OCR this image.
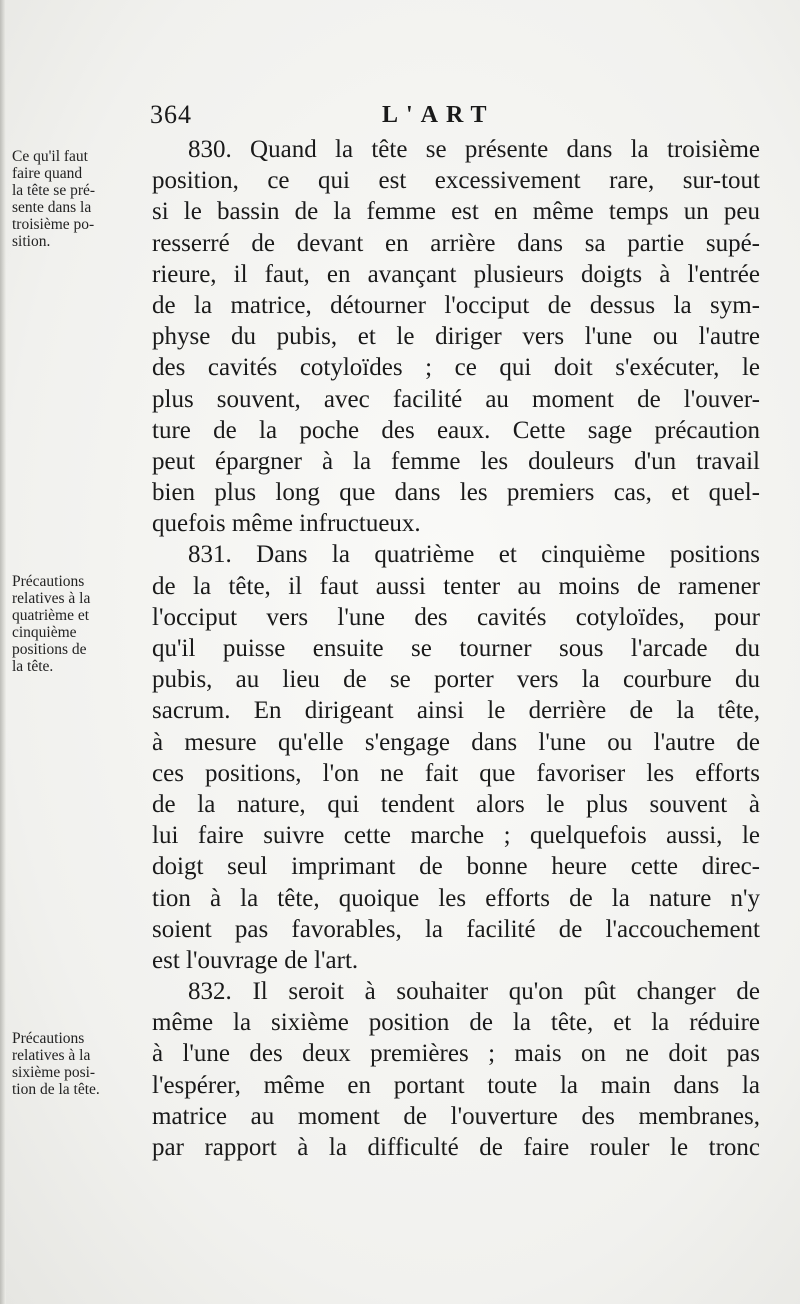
364	L'ART
Ce qu'il faut
faire quand
la tête se pré-
sente dans la
troisième po-
sition.
Précautions
relatives à la
quatrième et
cinquième
positions de
la tête.
Précautions
relatives à la
sixième posi-
tion de la tête.
830. Quand la tête se présente dans la troisième
position, ce qui est excessivement rare, sur-tout
si le bassin de la femme est en même temps un peu
resserré de devant en arrière dans sa partie supé-
rieure, il faut, en avançant plusieurs doigts à l'entrée
de la matrice, détourner l'occiput de dessus la sym-
physe du pubis, et le diriger vers l'une ou l'autre
des cavités cotyloïdes ; ce qui doit s'exécuter, le
plus souvent, avec facilité au moment de l'ouver-
ture de la poche des eaux. Cette sage précaution
peut épargner à la femme les douleurs d'un travail
bien plus long que dans les premiers cas, et quel-
quefois même infructueux.
831. Dans la quatrième et cinquième positions
de la tête, il faut aussi tenter au moins de ramener
l'occiput vers l'une des cavités cotyloïdes, pour
qu'il puisse ensuite se tourner sous l'arcade du
pubis, au lieu de se porter vers la courbure du
sacrum. En dirigeant ainsi le derrière de la tête,
à mesure qu'elle s'engage dans l'une ou l'autre de
ces positions, l'on ne fait que favoriser les efforts
de la nature, qui tendent alors le plus souvent à
lui faire suivre cette marche ; quelquefois aussi, le
doigt seul imprimant de bonne heure cette direc-
tion à la tête, quoique les efforts de la nature n'y
soient pas favorables, la facilité de l'accouchement
est l'ouvrage de l'art.
832. Il seroit à souhaiter qu'on pût changer de
même la sixième position de la tête, et la réduire
à l'une des deux premières ; mais on ne doit pas
l'espérer, même en portant toute la main dans la
matrice au moment de l'ouverture des membranes,
par rapport à la difficulté de faire rouler le tronc
